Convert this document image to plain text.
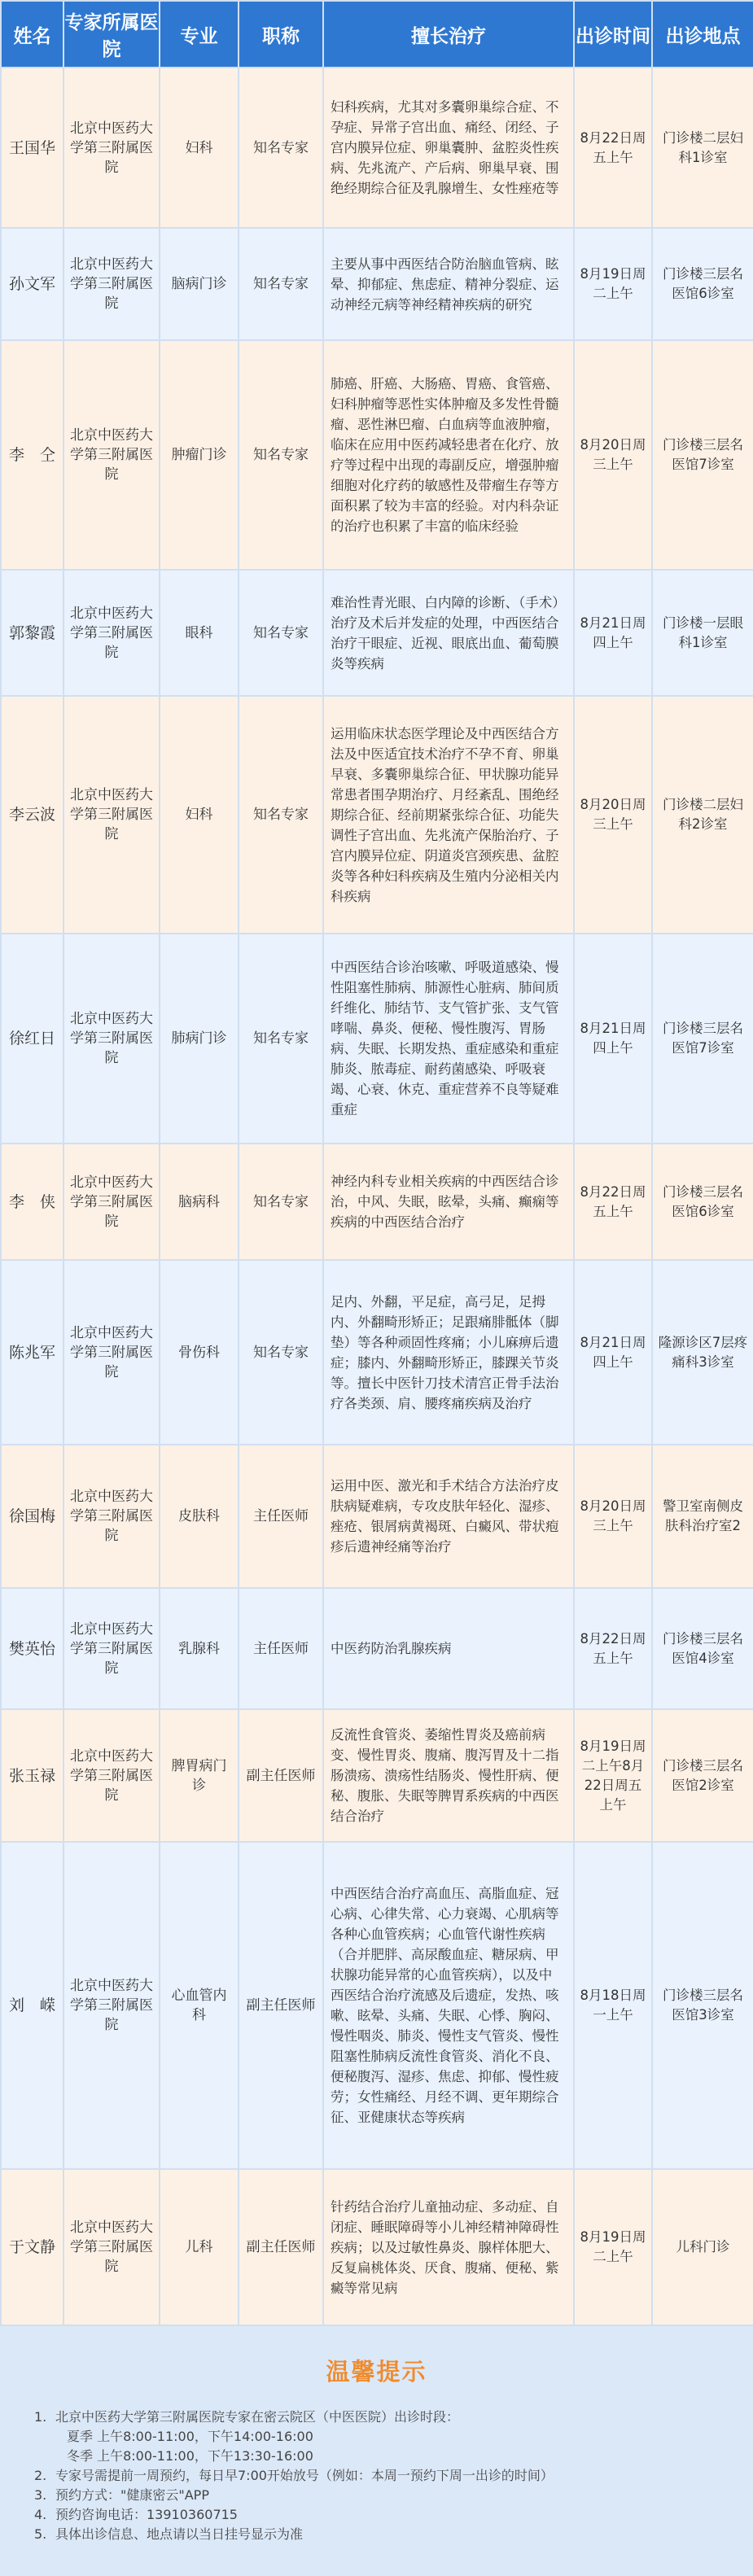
姓名	专家所属医院	专业	职称	擅长治疗	出诊时间	出诊地点
王国华	北京中医药大学第三附属医院	妇科	知名专家	妇科疾病，尤其对多囊卵巢综合症、不孕症、异常子宫出血、痛经、闭经、子宫内膜异位症、卵巢囊肿、盆腔炎性疾病、先兆流产、产后病、卵巢早衰、围绝经期综合征及乳腺增生、女性痤疮等	8月22日周五上午	门诊楼二层妇科1诊室
孙文军	北京中医药大学第三附属医院	脑病门诊	知名专家	主要从事中西医结合防治脑血管病、眩晕、抑郁症、焦虑症、精神分裂症、运动神经元病等神经精神疾病的研究	8月19日周二上午	门诊楼三层名医馆6诊室
李　仝	北京中医药大学第三附属医院	肿瘤门诊	知名专家	肺癌、肝癌、大肠癌、胃癌、食管癌、妇科肿瘤等恶性实体肿瘤及多发性骨髓瘤、恶性淋巴瘤、白血病等血液肿瘤，临床在应用中医药减轻患者在化疗、放疗等过程中出现的毒副反应，增强肿瘤细胞对化疗药的敏感性及带瘤生存等方面积累了较为丰富的经验。对内科杂证的治疗也积累了丰富的临床经验	8月20日周三上午	门诊楼三层名医馆7诊室
郭黎霞	北京中医药大学第三附属医院	眼科	知名专家	难治性青光眼、白内障的诊断、（手术）治疗及术后并发症的处理，中西医结合治疗干眼症、近视、眼底出血、葡萄膜炎等疾病	8月21日周四上午	门诊楼一层眼科1诊室
李云波	北京中医药大学第三附属医院	妇科	知名专家	运用临床状态医学理论及中西医结合方法及中医适宜技术治疗不孕不育、卵巢早衰、多囊卵巢综合征、甲状腺功能异常患者围孕期治疗、月经紊乱、围绝经期综合征、经前期紧张综合征、功能失调性子宫出血、先兆流产保胎治疗、子宫内膜异位症、阴道炎宫颈疾患、盆腔炎等各种妇科疾病及生殖内分泌相关内科疾病	8月20日周三上午	门诊楼二层妇科2诊室
徐红日	北京中医药大学第三附属医院	肺病门诊	知名专家	中西医结合诊治咳嗽、呼吸道感染、慢性阻塞性肺病、肺源性心脏病、肺间质纤维化、肺结节、支气管扩张、支气管哮喘、鼻炎、便秘、慢性腹泻、胃肠病、失眠、长期发热、重症感染和重症肺炎、脓毒症、耐药菌感染、呼吸衰竭、心衰、休克、重症营养不良等疑难重症	8月21日周四上午	门诊楼三层名医馆7诊室
李　侠	北京中医药大学第三附属医院	脑病科	知名专家	神经内科专业相关疾病的中西医结合诊治，中风、失眠，眩晕，头痛、癫痫等疾病的中西医结合治疗	8月22日周五上午	门诊楼三层名医馆6诊室
陈兆军	北京中医药大学第三附属医院	骨伤科	知名专家	足内、外翻，平足症，高弓足，足拇内、外翻畸形矫正；足跟痛腓骶体（脚垫）等各种顽固性疼痛；小儿麻痹后遗症；膝内、外翻畸形矫正，膝踝关节炎等。擅长中医针刀技术清宫正骨手法治疗各类颈、肩、腰疼痛疾病及治疗	8月21日周四上午	隆源诊区7层疼痛科3诊室
徐国梅	北京中医药大学第三附属医院	皮肤科	主任医师	运用中医、激光和手术结合方法治疗皮肤病疑难病，专攻皮肤年轻化、湿疹、痤疮、银屑病黄褐斑、白癜风、带状疱疹后遗神经痛等治疗	8月20日周三上午	警卫室南侧皮肤科治疗室2
樊英怡	北京中医药大学第三附属医院	乳腺科	主任医师	中医药防治乳腺疾病	8月22日周五上午	门诊楼三层名医馆4诊室
张玉禄	北京中医药大学第三附属医院	脾胃病门诊	副主任医师	反流性食管炎、萎缩性胃炎及癌前病变、慢性胃炎、腹痛、腹泻胃及十二指肠溃疡、溃疡性结肠炎、慢性肝病、便秘、腹胀、失眠等脾胃系疾病的中西医结合治疗	8月19日周二上午8月22日周五上午	门诊楼三层名医馆2诊室
刘　嵘	北京中医药大学第三附属医院	心血管内科	副主任医师	中西医结合治疗高血压、高脂血症、冠心病、心律失常、心力衰竭、心肌病等各种心血管疾病；心血管代谢性疾病（合并肥胖、高尿酸血症、糖尿病、甲状腺功能异常的心血管疾病），以及中西医结合治疗流感及后遗症，发热、咳嗽、眩晕、头痛、失眠、心悸、胸闷、慢性咽炎、肺炎、慢性支气管炎、慢性阻塞性肺病反流性食管炎、消化不良、便秘腹泻、湿疹、焦虑、抑郁、慢性疲劳；女性痛经、月经不调、更年期综合征、亚健康状态等疾病	8月18日周一上午	门诊楼三层名医馆3诊室
于文静	北京中医药大学第三附属医院	儿科	副主任医师	针药结合治疗儿童抽动症、多动症、自闭症、睡眠障碍等小儿神经精神障碍性疾病；以及过敏性鼻炎、腺样体肥大、反复扁桃体炎、厌食、腹痛、便秘、紫癜等常见病	8月19日周二上午	儿科门诊
温馨提示
1. 北京中医药大学第三附属医院专家在密云院区（中医医院）出诊时段：
夏季 上午8:00-11:00，下午14:00-16:00
冬季 上午8:00-11:00，下午13:30-16:00
2. 专家号需提前一周预约，每日早7:00开始放号（例如：本周一预约下周一出诊的时间）
3. 预约方式："健康密云"APP
4. 预约咨询电话：13910360715
5. 具体出诊信息、地点请以当日挂号显示为准
